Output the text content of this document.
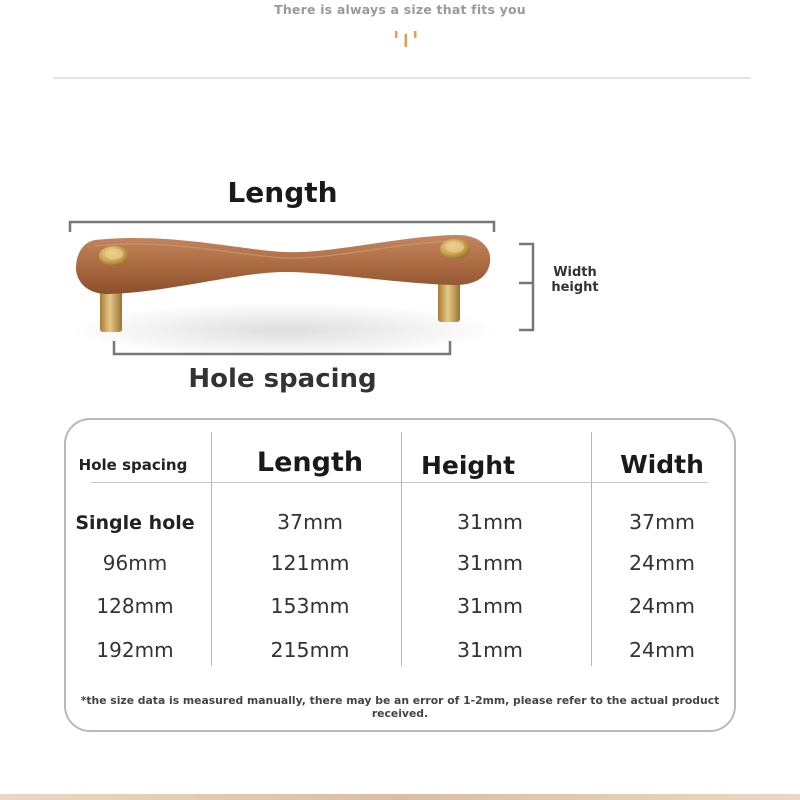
There is always a size that fits you
Length
Width
height
Hole spacing
Hole spacing	Length	Height	Width
Single hole	37mm	31mm	37mm
96mm	121mm	31mm	24mm
128mm	153mm	31mm	24mm
192mm	215mm	31mm	24mm
*the size data is measured manually, there may be an error of 1-2mm, please refer to the actual product received.
